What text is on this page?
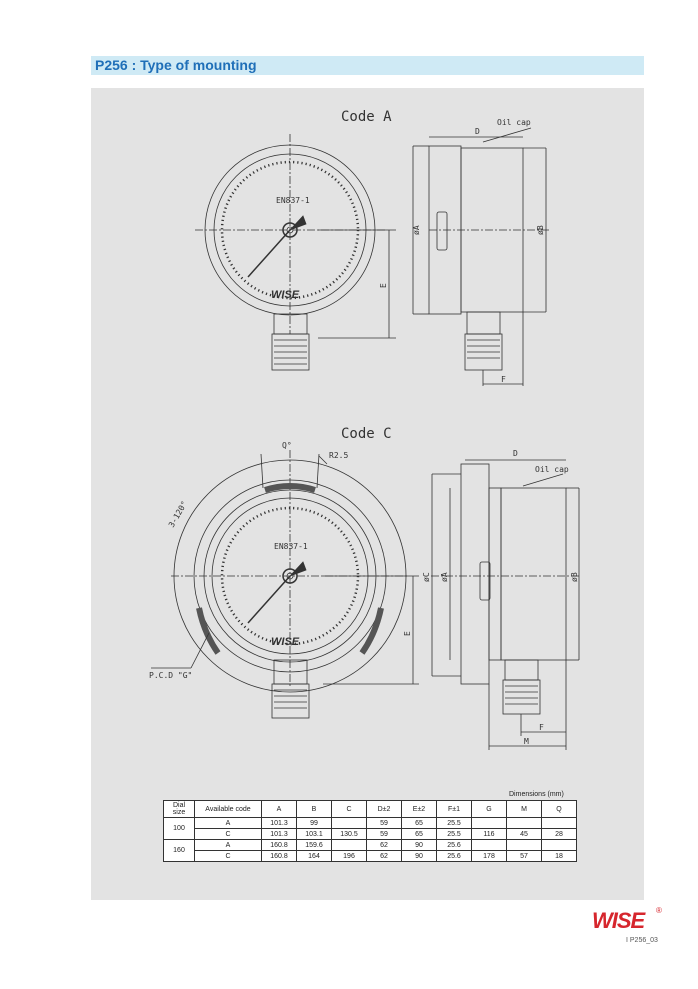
P256 : Type of mounting
Code A
EN837-1
WISE
D
Oil cap
øA	øB
E
F
Code C
EN837-1
WISE
Q°
R2.5
3-120°
P.C.D "G"
D
Oil cap
øC øA	øB
E
F
M
Dimensions (mm)
Dial size	Available code	A	B	C	D±2	E±2	F±1	G	M	Q
100	A	101.3	99		59	65	25.5			
	C	101.3	103.1	130.5	59	65	25.5	116	45	28
160	A	160.8	159.6		62	90	25.6			
	C	160.8	164	196	62	90	25.6	178	57	18
WISE ®
I P256_03
